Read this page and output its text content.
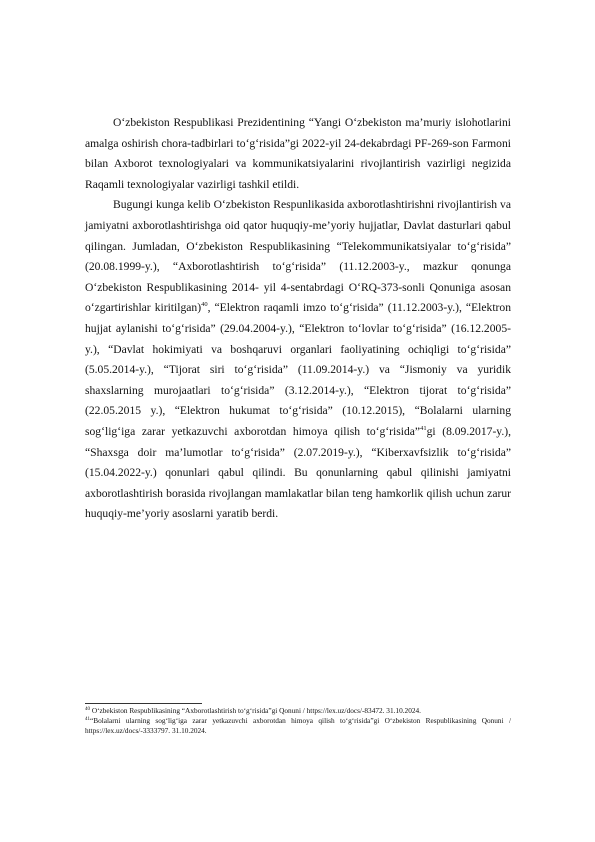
O‘zbekiston Respublikasi Prezidentining “Yangi O‘zbekiston ma’muriy islohotlarini amalga oshirish chora-tadbirlari to‘g‘risida”gi 2022-yil 24-dekabrdagi PF-269-son Farmoni bilan Axborot texnologiyalari va kommunikatsiyalarini rivojlantirish vazirligi negizida Raqamli texnologiyalar vazirligi tashkil etildi.

Bugungi kunga kelib O‘zbekiston Respunlikasida axborotlashtirishni rivojlantirish va jamiyatni axborotlashtirishga oid qator huquqiy-me’yoriy hujjatlar, Davlat dasturlari qabul qilingan. Jumladan, O‘zbekiston Respublikasining “Telekommunikatsiyalar to‘g‘risida” (20.08.1999-y.), “Axborotlashtirish to‘g‘risida” (11.12.2003-y., mazkur qonunga O‘zbekiston Respublikasining 2014- yil 4-sentabrdagi O‘RQ-373-sonli Qonuniga asosan o‘zgartirishlar kiritilgan)$^{40}$, “Elektron raqamli imzo to‘g‘risida” (11.12.2003-y.), “Elektron hujjat aylanishi to‘g‘risida” (29.04.2004-y.), “Elektron to‘lovlar to‘g‘risida” (16.12.2005-y.), “Davlat hokimiyati va boshqaruvi organlari faoliyatining ochiqligi to‘g‘risida” (5.05.2014-y.), “Tijorat siri to‘g‘risida” (11.09.2014-y.) va “Jismoniy va yuridik shaxslarning murojaatlari to‘g‘risida” (3.12.2014-y.), “Elektron tijorat to‘g‘risida” (22.05.2015 y.), “Elektron hukumat to‘g‘risida” (10.12.2015), “Bolalarni ularning sog‘lig‘iga zarar yetkazuvchi axborotdan himoya qilish to‘g‘risida”$^{41}$gi (8.09.2017-y.), “Shaxsga doir ma’lumotlar to‘g‘risida” (2.07.2019-y.), “Kiberxavfsizlik to‘g‘risida” (15.04.2022-y.) qonunlari qabul qilindi. Bu qonunlarning qabul qilinishi jamiyatni axborotlashtirish borasida rivojlangan mamlakatlar bilan teng hamkorlik qilish uchun zarur huquqiy-me’yoriy asoslarni yaratib berdi.

$^{40}$ O‘zbekiston Respublikasining “Axborotlashtirish to‘g‘risida”gi Qonuni / https://lex.uz/docs/-83472. 31.10.2024.

$^{41}$“Bolalarni ularning sog‘lig‘iga zarar yetkazuvchi axborotdan himoya qilish to‘g‘risida”gi O‘zbekiston Respublikasining Qonuni / https://lex.uz/docs/-3333797. 31.10.2024.
